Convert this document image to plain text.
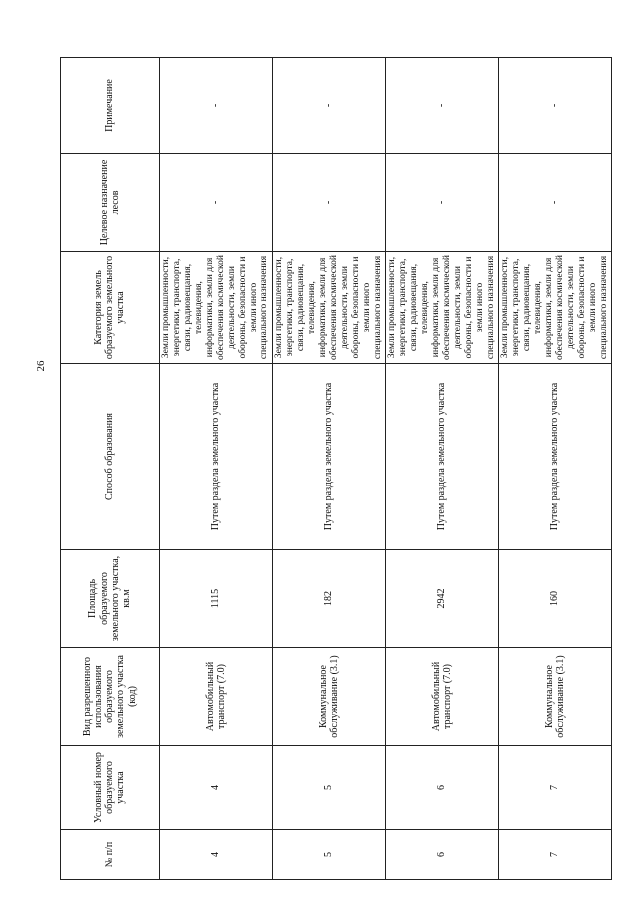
26
№ п/п	Условный номер образуемого участка	Вид разрешенного использования образуемого земельного участка (код)	Площадь образуемого земельного участка, кв.м	Способ образования	Категория земель образуемого земельного участка	Целевое назначение лесов	Примечание
4	4	Автомобильный транспорт (7.0)	1115	Путем раздела земельного участка	Земли промышленности, энергетики, транспорта, связи, радиовещания, телевидения, информатики, земли для обеспечения космической деятельности, земли обороны, безопасности и земли иного специального назначения	-	-
5	5	Коммунальное обслуживание (3.1)	182	Путем раздела земельного участка	Земли промышленности, энергетики, транспорта, связи, радиовещания, телевидения, информатики, земли для обеспечения космической деятельности, земли обороны, безопасности и земли иного специального назначения	-	-
6	6	Автомобильный транспорт (7.0)	2942	Путем раздела земельного участка	Земли промышленности, энергетики, транспорта, связи, радиовещания, телевидения, информатики, земли для обеспечения космической деятельности, земли обороны, безопасности и земли иного специального назначения	-	-
7	7	Коммунальное обслуживание (3.1)	160	Путем раздела земельного участка	Земли промышленности, энергетики, транспорта, связи, радиовещания, телевидения, информатики, земли для обеспечения космической деятельности, земли обороны, безопасности и земли иного специального назначения	-	-
